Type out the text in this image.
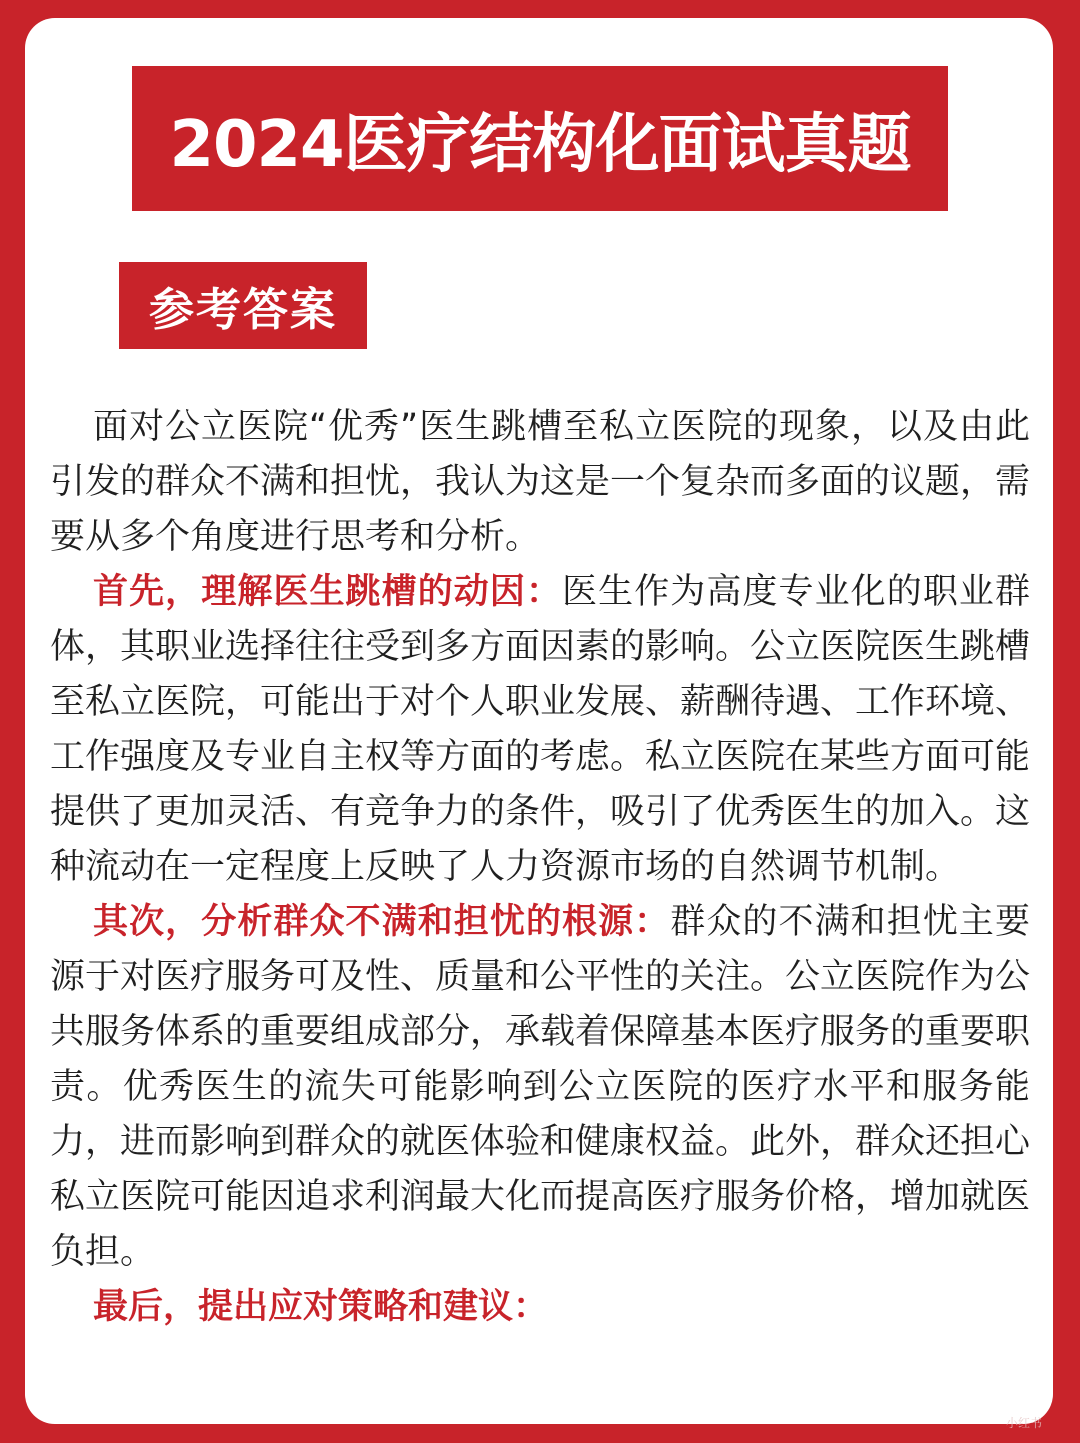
2024医疗结构化面试真题
参考答案

面对公立医院“优秀”医生跳槽至私立医院的现象，以及由此引发的群众不满和担忧，我认为这是一个复杂而多面的议题，需要从多个角度进行思考和分析。

首先，理解医生跳槽的动因：医生作为高度专业化的职业群体，其职业选择往往受到多方面因素的影响。公立医院医生跳槽至私立医院，可能出于对个人职业发展、薪酬待遇、工作环境、工作强度及专业自主权等方面的考虑。私立医院在某些方面可能提供了更加灵活、有竞争力的条件，吸引了优秀医生的加入。这种流动在一定程度上反映了人力资源市场的自然调节机制。

其次，分析群众不满和担忧的根源：群众的不满和担忧主要源于对医疗服务可及性、质量和公平性的关注。公立医院作为公共服务体系的重要组成部分，承载着保障基本医疗服务的重要职责。优秀医生的流失可能影响到公立医院的医疗水平和服务能力，进而影响到群众的就医体验和健康权益。此外，群众还担心私立医院可能因追求利润最大化而提高医疗服务价格，增加就医负担。

最后，提出应对策略和建议：

小红书
